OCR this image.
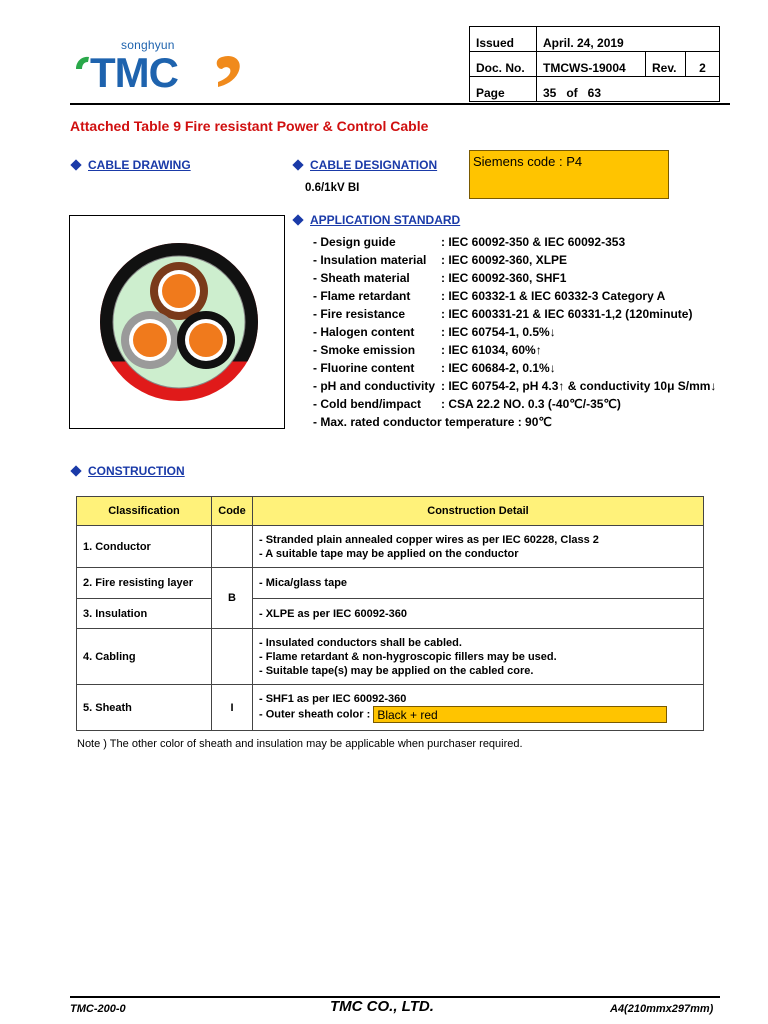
songhyun
TMC
Issued	April. 24, 2019		
Doc. No.	TMCWS-19004	Rev.	2
Page	35   of   63		
Attached Table 9 Fire resistant Power & Control Cable
CABLE DRAWING	CABLE DESIGNATION
0.6/1kV BI
Siemens code : P4
APPLICATION STANDARD
- Design guide	: IEC 60092-350 & IEC 60092-353
- Insulation material	: IEC 60092-360, XLPE
- Sheath material	: IEC 60092-360, SHF1
- Flame retardant	: IEC 60332-1 & IEC 60332-3 Category A
- Fire resistance	: IEC 600331-21 & IEC 60331-1,2 (120minute)
- Halogen content	: IEC 60754-1, 0.5%↓
- Smoke emission	: IEC 61034, 60%↑
- Fluorine content	: IEC 60684-2, 0.1%↓
- pH and conductivity : IEC 60754-2, pH 4.3↑ & conductivity 10μ S/mm↓
- Cold bend/impact	: CSA 22.2 NO. 0.3 (-40℃/-35℃)
- Max. rated conductor temperature : 90℃
CONSTRUCTION
Classification	Code	Construction Detail
1. Conductor		- Stranded plain annealed copper wires as per IEC 60228, Class 2
- A suitable tape may be applied on the conductor

2. Fire resisting layer	B	- Mica/glass tape

3. Insulation		- XLPE as per IEC 60092-360

4. Cabling		- Insulated conductors shall be cabled.
- Flame retardant & non-hygroscopic fillers may be used.
- Suitable tape(s) may be applied on the cabled core.

5. Sheath	I	- SHF1 as per IEC 60092-360
- Outer sheath color : Black + red
Note ) The other color of sheath and insulation may be applicable when purchaser required.
TMC-200-0	TMC CO., LTD.	A4(210mmx297mm)
